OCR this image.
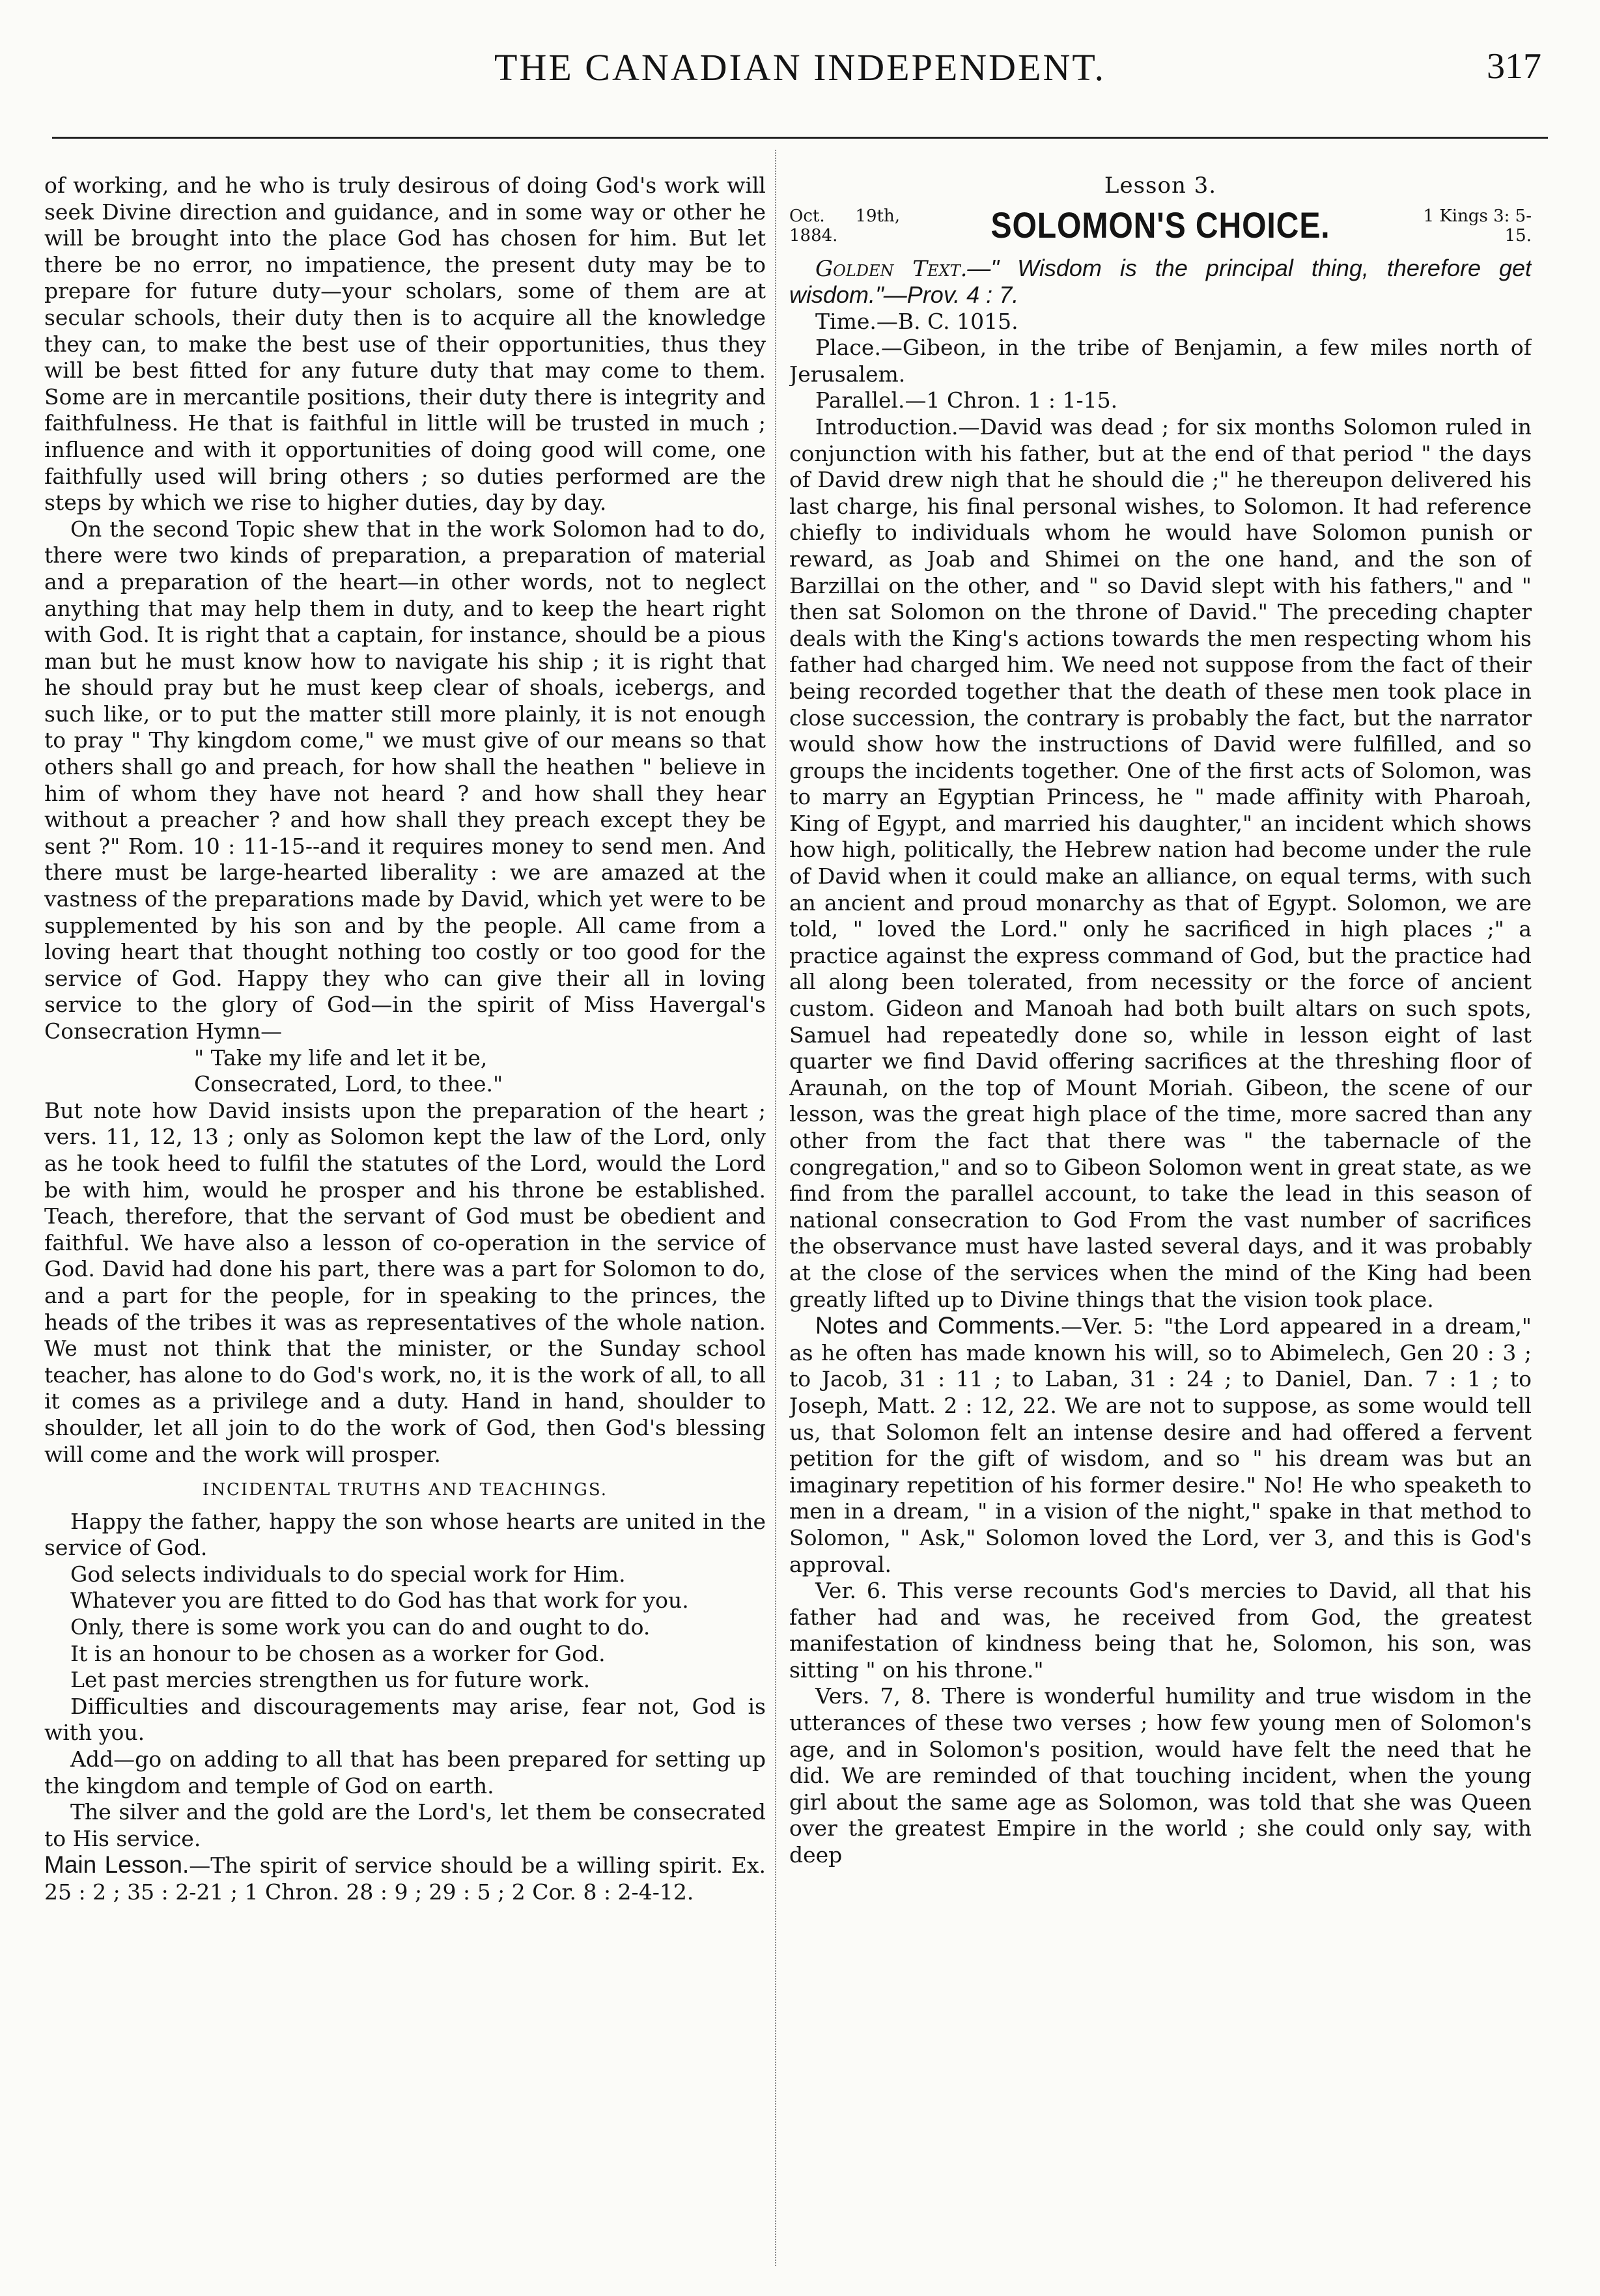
THE CANADIAN INDEPENDENT.	317

of working, and he who is truly desirous of doing God's work will seek Divine direction and guidance, and in some way or other he will be brought into the place God has chosen for him. But let there be no error, no impatience, the present duty may be to prepare for future duty—your scholars, some of them are at secular schools, their duty then is to acquire all the knowledge they can, to make the best use of their opportunities, thus they will be best fitted for any future duty that may come to them. Some are in mercantile positions, their duty there is integrity and faithfulness. He that is faithful in little will be trusted in much ; influence and with it opportunities of doing good will come, one faithfully used will bring others ; so duties performed are the steps by which we rise to higher duties, day by day.

On the second Topic shew that in the work Solomon had to do, there were two kinds of preparation, a preparation of material and a preparation of the heart—in other words, not to neglect anything that may help them in duty, and to keep the heart right with God. It is right that a captain, for instance, should be a pious man but he must know how to navigate his ship ; it is right that he should pray but he must keep clear of shoals, icebergs, and such like, or to put the matter still more plainly, it is not enough to pray " Thy kingdom come," we must give of our means so that others shall go and preach, for how shall the heathen " believe in him of whom they have not heard ? and how shall they hear without a preacher ? and how shall they preach except they be sent ?" Rom. 10 : 11-15--and it requires money to send men. And there must be large-hearted liberality : we are amazed at the vastness of the preparations made by David, which yet were to be supplemented by his son and by the people. All came from a loving heart that thought nothing too costly or too good for the service of God. Happy they who can give their all in loving service to the glory of God—in the spirit of Miss Havergal's Consecration Hymn—

" Take my life and let it be,

Consecrated, Lord, to thee."

But note how David insists upon the preparation of the heart ; vers. 11, 12, 13 ; only as Solomon kept the law of the Lord, only as he took heed to fulfil the statutes of the Lord, would the Lord be with him, would he prosper and his throne be established. Teach, therefore, that the servant of God must be obedient and faithful. We have also a lesson of co-operation in the service of God. David had done his part, there was a part for Solomon to do, and a part for the people, for in speaking to the princes, the heads of the tribes it was as representatives of the whole nation. We must not think that the minister, or the Sunday school teacher, has alone to do God's work, no, it is the work of all, to all it comes as a privilege and a duty. Hand in hand, shoulder to shoulder, let all join to do the work of God, then God's blessing will come and the work will prosper.

INCIDENTAL TRUTHS AND TEACHINGS.

Happy the father, happy the son whose hearts are united in the service of God.

God selects individuals to do special work for Him.

Whatever you are fitted to do God has that work for you.

Only, there is some work you can do and ought to do.

It is an honour to be chosen as a worker for God.

Let past mercies strengthen us for future work.

Difficulties and discouragements may arise, fear not, God is with you.

Add—go on adding to all that has been prepared for setting up the kingdom and temple of God on earth.

The silver and the gold are the Lord's, let them be consecrated to His service.

Main Lesson.—The spirit of service should be a willing spirit. Ex. 25 : 2 ; 35 : 2-21 ; 1 Chron. 28 : 9 ; 29 : 5 ; 2 Cor. 8 : 2-4-12.

Lesson 3.
Oct. 19th, 1884.	SOLOMON'S CHOICE.	1 Kings 3: 5-15.

Golden Text.—" Wisdom is the principal thing, therefore get wisdom."—Prov. 4 : 7.

Time.—B. C. 1015.

Place.—Gibeon, in the tribe of Benjamin, a few miles north of Jerusalem.

Parallel.—1 Chron. 1 : 1-15.

Introduction.—David was dead ; for six months Solomon ruled in conjunction with his father, but at the end of that period " the days of David drew nigh that he should die ;" he thereupon delivered his last charge, his final personal wishes, to Solomon. It had reference chiefly to individuals whom he would have Solomon punish or reward, as Joab and Shimei on the one hand, and the son of Barzillai on the other, and " so David slept with his fathers," and " then sat Solomon on the throne of David." The preceding chapter deals with the King's actions towards the men respecting whom his father had charged him. We need not suppose from the fact of their being recorded together that the death of these men took place in close succession, the contrary is probably the fact, but the narrator would show how the instructions of David were fulfilled, and so groups the incidents together. One of the first acts of Solomon, was to marry an Egyptian Princess, he " made affinity with Pharoah, King of Egypt, and married his daughter," an incident which shows how high, politically, the Hebrew nation had become under the rule of David when it could make an alliance, on equal terms, with such an ancient and proud monarchy as that of Egypt. Solomon, we are told, " loved the Lord." only he sacrificed in high places ;" a practice against the express command of God, but the practice had all along been tolerated, from necessity or the force of ancient custom. Gideon and Manoah had both built altars on such spots, Samuel had repeatedly done so, while in lesson eight of last quarter we find David offering sacrifices at the threshing floor of Araunah, on the top of Mount Moriah. Gibeon, the scene of our lesson, was the great high place of the time, more sacred than any other from the fact that there was " the tabernacle of the congregation," and so to Gibeon Solomon went in great state, as we find from the parallel account, to take the lead in this season of national consecration to God From the vast number of sacrifices the observance must have lasted several days, and it was probably at the close of the services when the mind of the King had been greatly lifted up to Divine things that the vision took place.

Notes and Comments.—Ver. 5: "the Lord appeared in a dream," as he often has made known his will, so to Abimelech, Gen 20 : 3 ; to Jacob, 31 : 11 ; to Laban, 31 : 24 ; to Daniel, Dan. 7 : 1 ; to Joseph, Matt. 2 : 12, 22. We are not to suppose, as some would tell us, that Solomon felt an intense desire and had offered a fervent petition for the gift of wisdom, and so " his dream was but an imaginary repetition of his former desire." No! He who speaketh to men in a dream, " in a vision of the night," spake in that method to Solomon, " Ask," Solomon loved the Lord, ver 3, and this is God's approval.

Ver. 6. This verse recounts God's mercies to David, all that his father had and was, he received from God, the greatest manifestation of kindness being that he, Solomon, his son, was sitting " on his throne."

Vers. 7, 8. There is wonderful humility and true wisdom in the utterances of these two verses ; how few young men of Solomon's age, and in Solomon's position, would have felt the need that he did. We are reminded of that touching incident, when the young girl about the same age as Solomon, was told that she was Queen over the greatest Empire in the world ; she could only say, with deep
